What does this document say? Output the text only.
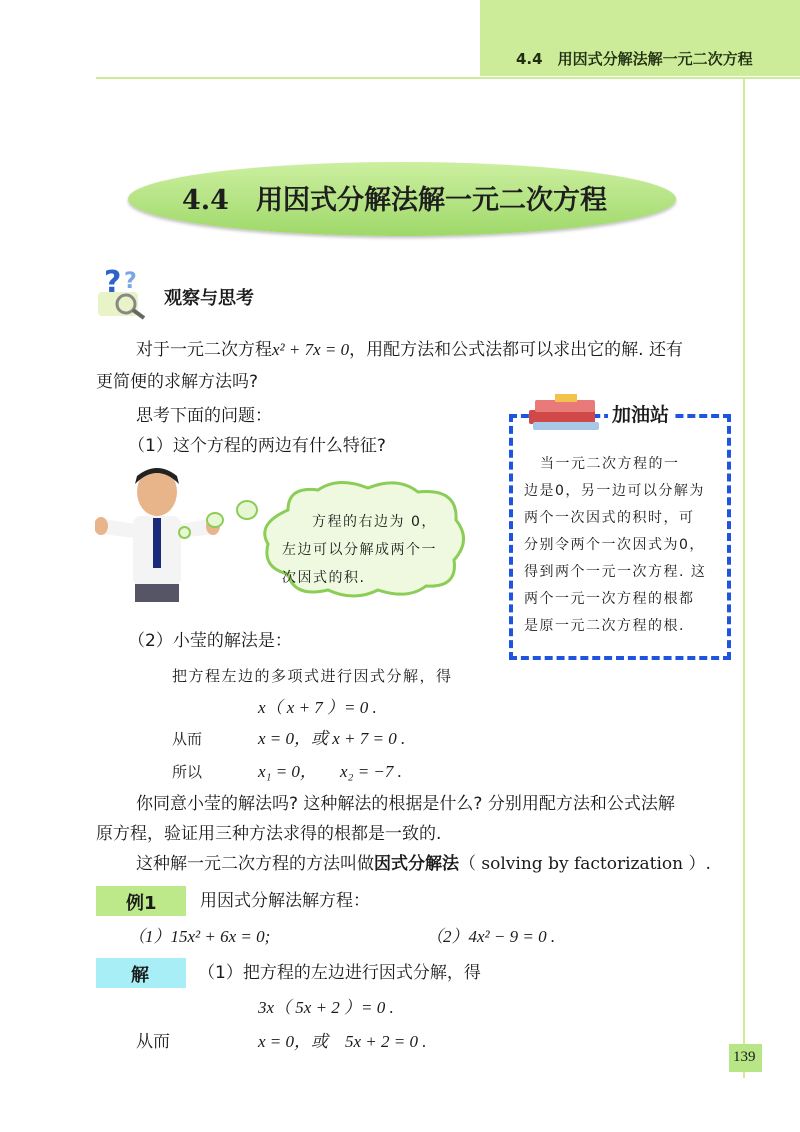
4.4　用因式分解法解一元二次方程
4.4　用因式分解法解一元二次方程
? ?
观察与思考
对于一元二次方程x² + 7x = 0，用配方法和公式法都可以求出它的解. 还有
更简便的求解方法吗?
思考下面的问题：
（1）这个方程的两边有什么特征?
加油站
当一元二次方程的一
边是0，另一边可以分解为
两个一次因式的积时，可
分别令两个一次因式为0，
得到两个一元一次方程. 这
两个一元一次方程的根都
是原一元二次方程的根.
方程的右边为 0，
左边可以分解成两个一
次因式的积.
（2）小莹的解法是：
把方程左边的多项式进行因式分解，得
x（ x + 7 ）= 0 .
从而	x = 0，或 x + 7 = 0 .
所以	x₁ = 0， x₂ = −7 .
你同意小莹的解法吗? 这种解法的根据是什么? 分别用配方法和公式法解
原方程，验证用三种方法求得的根都是一致的.
这种解一元二次方程的方法叫做因式分解法（ solving by factorization ）.
例1	用因式分解法解方程：
（1）15x² + 6x = 0;	（2）4x² − 9 = 0 .
解	（1）把方程的左边进行因式分解，得
3x（ 5x + 2 ）= 0 .
从而	x = 0，或　5x + 2 = 0 .
139
